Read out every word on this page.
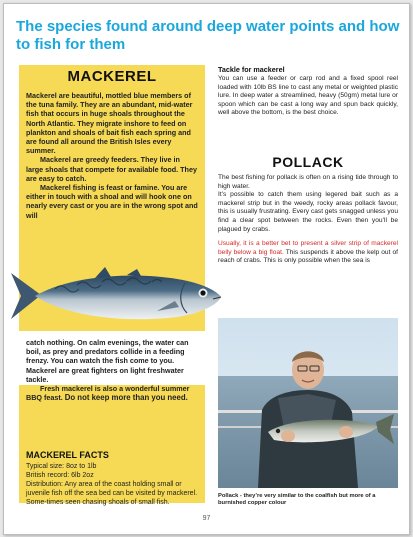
The species found around deep water points and how to fish for them
MACKEREL

Mackerel are beautiful, mottled blue members of the tuna family. They are an abundant, mid-water fish that occurs in huge shoals throughout the North Atlantic. They migrate inshore to feed on plankton and shoals of bait fish each spring and are found all around the British Isles every summer.

Mackerel are greedy feeders. They live in large shoals that compete for available food. They are easy to catch.

Mackerel fishing is feast or famine. You are either in touch with a shoal and will hook one on nearly every cast or you are in the wrong spot and will

catch nothing. On calm evenings, the water can boil, as prey and predators collide in a feeding frenzy. You can watch the fish come to you. Mackerel are great fighters on light freshwater tackle.

Fresh mackerel is also a wonderful summer BBQ feast. Do not keep more than you need.

MACKEREL FACTS

Typical size: 8oz to 1lb

British record: 6lb 2oz

Distribution: Any area of the coast holding small or juvenile fish off the sea bed can be visited by mackerel. Some-times seen chasing shoals of small fish.

Tackle for mackerel

You can use a feeder or carp rod and a fixed spool reel loaded with 10lb BS line to cast any metal or weighted plastic lure. In deep water a streamlined, heavy (50gm) metal lure or spoon which can be cast a long way and spun back quickly, well above the bottom, is the best choice.

POLLACK

The best fishing for pollack is often on a rising tide through to high water.

It’s possible to catch them using legered bait such as a mackerel strip but in the weedy, rocky areas pollack favour, this is usually frustrating. Every cast gets snagged unless you find a clear spot between the rocks. Even then you’ll be plagued by crabs.

Usually, it is a better bet to present a silver strip of mackerel belly below a big float. This suspends it above the kelp out of reach of crabs. This is only possible when the sea is

Pollack - they’re very similar to the coalfish but more of a burnished copper colour

97
